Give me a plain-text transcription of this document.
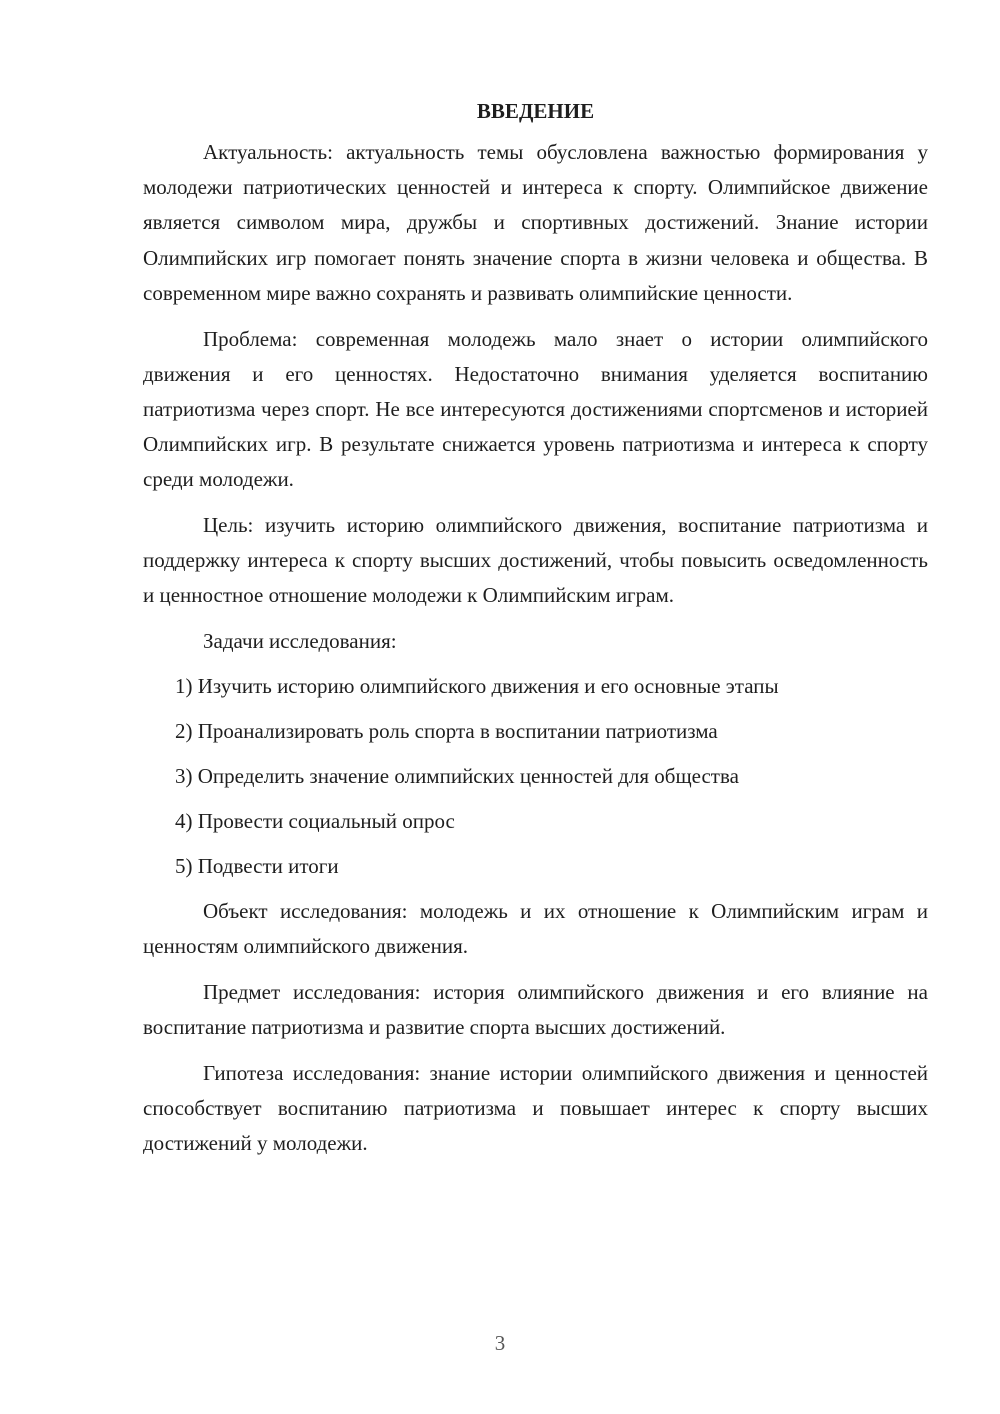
ВВЕДЕНИЕ

Актуальность: актуальность темы обусловлена важностью формирования у молодежи патриотических ценностей и интереса к спорту. Олимпийское движение является символом мира, дружбы и спортивных достижений. Знание истории Олимпийских игр помогает понять значение спорта в жизни человека и общества. В современном мире важно сохранять и развивать олимпийские ценности.

Проблема: современная молодежь мало знает о истории олимпийского движения и его ценностях. Недостаточно внимания уделяется воспитанию патриотизма через спорт. Не все интересуются достижениями спортсменов и историей Олимпийских игр. В результате снижается уровень патриотизма и интереса к спорту среди молодежи.

Цель: изучить историю олимпийского движения, воспитание патриотизма и поддержку интереса к спорту высших достижений, чтобы повысить осведомленность и ценностное отношение молодежи к Олимпийским играм.

Задачи исследования:

1) Изучить историю олимпийского движения и его основные этапы

2) Проанализировать роль спорта в воспитании патриотизма

3) Определить значение олимпийских ценностей для общества

4) Провести социальный опрос

5) Подвести итоги

Объект исследования: молодежь и их отношение к Олимпийским играм и ценностям олимпийского движения.

Предмет исследования: история олимпийского движения и его влияние на воспитание патриотизма и развитие спорта высших достижений.

Гипотеза исследования: знание истории олимпийского движения и ценностей способствует воспитанию патриотизма и повышает интерес к спорту высших достижений у молодежи.

3
